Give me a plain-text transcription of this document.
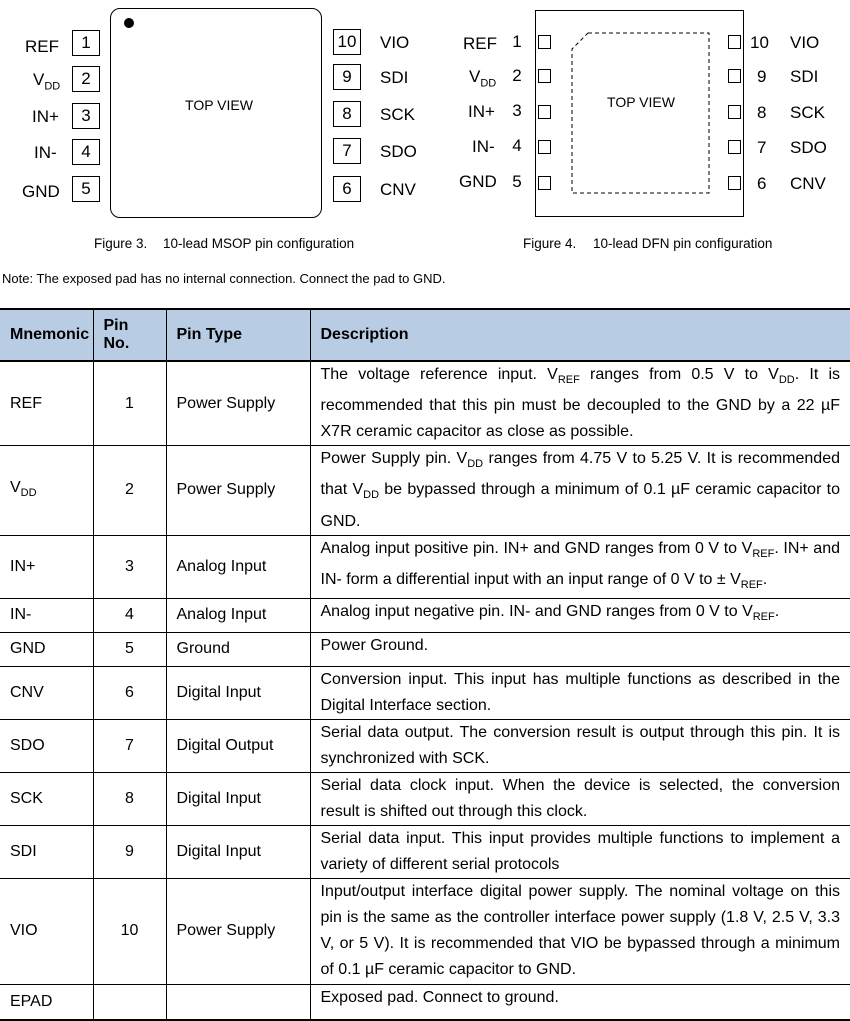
TOP VIEW
REF	1
$V_{DD}$	2
IN+	3
IN-	4
GND	5
10 VIO
9	SDI
8	SCK
7	SDO
6	CNV
Figure 3. 10-lead MSOP pin configuration
TOP VIEW
REF 1
$V_{DD}$ 2
IN+ 3
IN- 4
GND 5
10 VIO
9 SDI
8 SCK
7 SDO
6 CNV
Figure 4. 10-lead DFN pin configuration
Note: The exposed pad has no internal connection. Connect the pad to GND.
Mnemonic	Pin No.	Pin Type	Description
REF	1	Power Supply	The voltage reference input. $V_{REF}$ ranges from 0.5 V to $V_{DD}$. It is recommended that this pin must be decoupled to the GND by a 22 µF X7R ceramic capacitor as close as possible.
$V_{DD}$	2	Power Supply	Power Supply pin. $V_{DD}$ ranges from 4.75 V to 5.25 V. It is recommended that $V_{DD}$ be bypassed through a minimum of 0.1 µF ceramic capacitor to GND.
IN+	3	Analog Input	Analog input positive pin. IN+ and GND ranges from 0 V to $V_{REF}$. IN+ and IN- form a differential input with an input range of 0 V to ± $V_{REF}$.
IN-	4	Analog Input	Analog input negative pin. IN- and GND ranges from 0 V to $V_{REF}$.
GND	5	Ground	Power Ground.
CNV	6	Digital Input	Conversion input. This input has multiple functions as described in the Digital Interface section.
SDO	7	Digital Output	Serial data output. The conversion result is output through this pin. It is synchronized with SCK.
SCK	8	Digital Input	Serial data clock input. When the device is selected, the conversion result is shifted out through this clock.
SDI	9	Digital Input	Serial data input. This input provides multiple functions to implement a variety of different serial protocols
VIO	10	Power Supply	Input/output interface digital power supply. The nominal voltage on this pin is the same as the controller interface power supply (1.8 V, 2.5 V, 3.3 V, or 5 V). It is recommended that VIO be bypassed through a minimum of 0.1 µF ceramic capacitor to GND.
EPAD			Exposed pad. Connect to ground.
